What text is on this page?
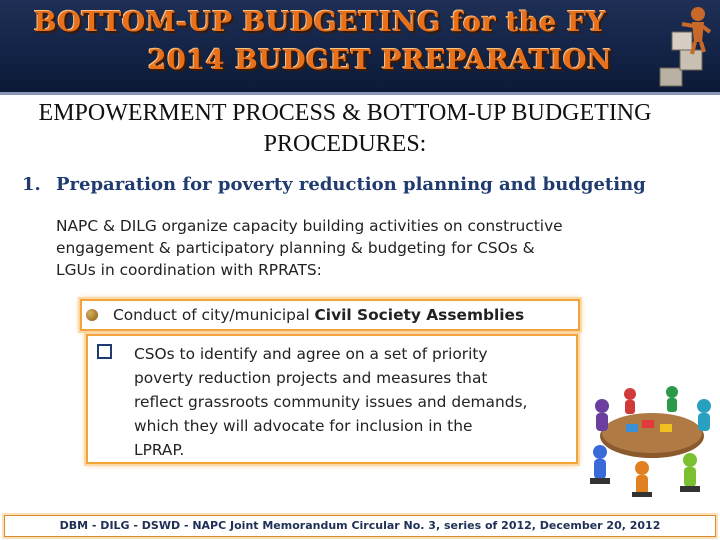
BOTTOM-UP BUDGETING for the FY
2014 BUDGET PREPARATION
EMPOWERMENT PROCESS & BOTTOM-UP BUDGETING
PROCEDURES:
1. Preparation for poverty reduction planning and budgeting
NAPC & DILG organize capacity building activities on constructive
engagement & participatory planning & budgeting for CSOs &
LGUs in coordination with RPRATS:
Conduct of city/municipal Civil Society Assemblies
CSOs to identify and agree on a set of priority
poverty reduction projects and measures that
reflect grassroots community issues and demands,
which they will advocate for inclusion in the
LPRAP.
DBM - DILG - DSWD - NAPC Joint Memorandum Circular No. 3, series of 2012, December 20, 2012
